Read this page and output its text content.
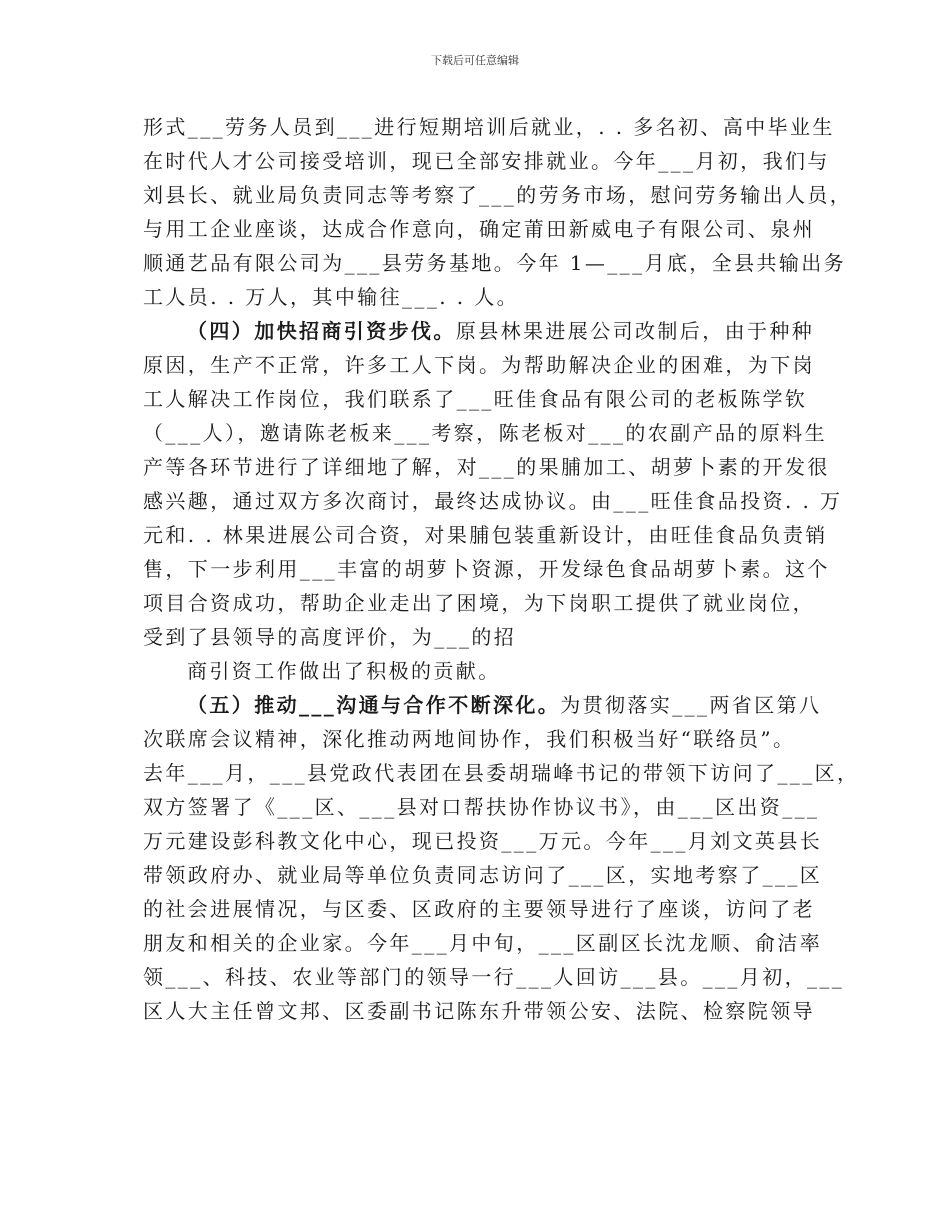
下载后可任意编辑
形式___劳务人员到___进行短期培训后就业，. . 多名初、高中毕业生
在时代人才公司接受培训，现已全部安排就业。今年___月初，我们与
刘县长、就业局负责同志等考察了___的劳务市场，慰问劳务输出人员，
与用工企业座谈，达成合作意向，确定莆田新威电子有限公司、泉州
顺通艺品有限公司为___县劳务基地。今年 1—___月底，全县共输出务
工人员. . 万人，其中输往___. . 人。
（四）加快招商引资步伐。原县林果进展公司改制后，由于种种
原因，生产不正常，许多工人下岗。为帮助解决企业的困难，为下岗
工人解决工作岗位，我们联系了___旺佳食品有限公司的老板陈学钦
（___人），邀请陈老板来___考察，陈老板对___的农副产品的原料生
产等各环节进行了详细地了解，对___的果脯加工、胡萝卜素的开发很
感兴趣，通过双方多次商讨，最终达成协议。由___旺佳食品投资. . 万
元和. . 林果进展公司合资，对果脯包装重新设计，由旺佳食品负责销
售，下一步利用___丰富的胡萝卜资源，开发绿色食品胡萝卜素。这个
项目合资成功，帮助企业走出了困境，为下岗职工提供了就业岗位，
受到了县领导的高度评价，为___的招
商引资工作做出了积极的贡献。
（五）推动___沟通与合作不断深化。为贯彻落实___两省区第八
次联席会议精神，深化推动两地间协作，我们积极当好“联络员”。
去年___月，___县党政代表团在县委胡瑞峰书记的带领下访问了___区，
双方签署了《___区、___县对口帮扶协作协议书》，由___区出资___
万元建设彭科教文化中心，现已投资___万元。今年___月刘文英县长
带领政府办、就业局等单位负责同志访问了___区，实地考察了___区
的社会进展情况，与区委、区政府的主要领导进行了座谈，访问了老
朋友和相关的企业家。今年___月中旬，___区副区长沈龙顺、俞洁率
领___、科技、农业等部门的领导一行___人回访___县。___月初，___
区人大主任曾文邦、区委副书记陈东升带领公安、法院、检察院领导
